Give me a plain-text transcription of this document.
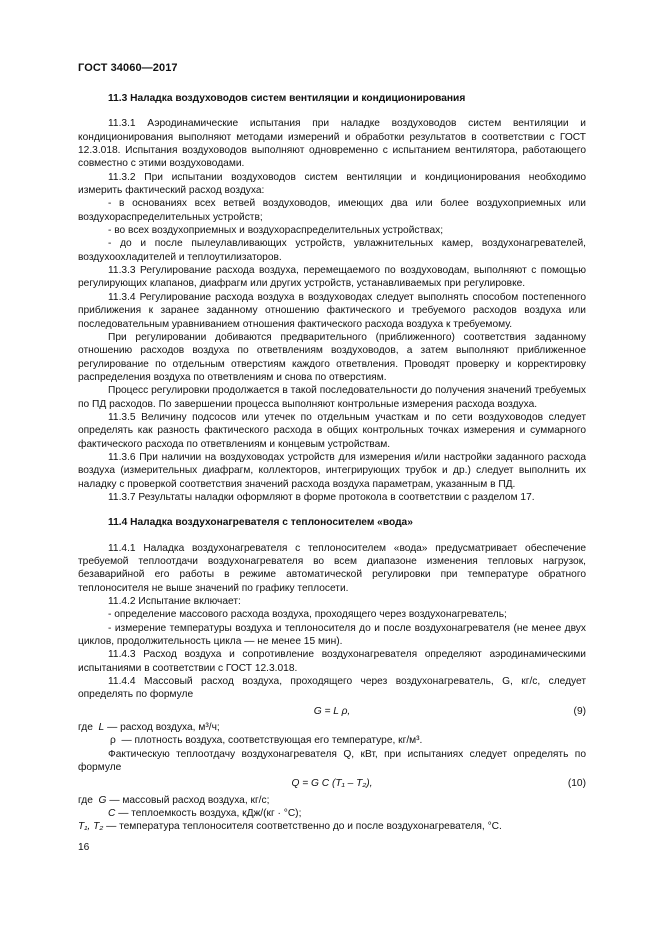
ГОСТ 34060—2017
11.3 Наладка воздуховодов систем вентиляции и кондиционирования

11.3.1 Аэродинамические испытания при наладке воздуховодов систем вентиляции и кондиционирования выполняют методами измерений и обработки результатов в соответствии с ГОСТ 12.3.018. Испытания воздуховодов выполняют одновременно с испытанием вентилятора, работающего совместно с этими воздуховодами.

11.3.2 При испытании воздуховодов систем вентиляции и кондиционирования необходимо измерить фактический расход воздуха:

- в основаниях всех ветвей воздуховодов, имеющих два или более воздухоприемных или воздухораспределительных устройств;

- во всех воздухоприемных и воздухораспределительных устройствах;

- до и после пылеулавливающих устройств, увлажнительных камер, воздухонагревателей, воздухоохладителей и теплоутилизаторов.

11.3.3 Регулирование расхода воздуха, перемещаемого по воздуховодам, выполняют с помощью регулирующих клапанов, диафрагм или других устройств, устанавливаемых при регулировке.

11.3.4 Регулирование расхода воздуха в воздуховодах следует выполнять способом постепенного приближения к заранее заданному отношению фактического и требуемого расходов воздуха или последовательным уравниванием отношения фактического расхода воздуха к требуемому.

При регулировании добиваются предварительного (приближенного) соответствия заданному отношению расходов воздуха по ответвлениям воздуховодов, а затем выполняют приближенное регулирование по отдельным отверстиям каждого ответвления. Проводят проверку и корректировку распределения воздуха по ответвлениям и снова по отверстиям.

Процесс регулировки продолжается в такой последовательности до получения значений требуемых по ПД расходов. По завершении процесса выполняют контрольные измерения расхода воздуха.

11.3.5 Величину подсосов или утечек по отдельным участкам и по сети воздуховодов следует определять как разность фактического расхода в общих контрольных точках измерения и суммарного фактического расхода по ответвлениям и концевым устройствам.

11.3.6 При наличии на воздуховодах устройств для измерения и/или настройки заданного расхода воздуха (измерительных диафрагм, коллекторов, интегрирующих трубок и др.) следует выполнить их наладку с проверкой соответствия значений расхода воздуха параметрам, указанным в ПД.

11.3.7 Результаты наладки оформляют в форме протокола в соответствии с разделом 17.

11.4 Наладка воздухонагревателя с теплоносителем «вода»

11.4.1 Наладка воздухонагревателя с теплоносителем «вода» предусматривает обеспечение требуемой теплоотдачи воздухонагревателя во всем диапазоне изменения тепловых нагрузок, безаварийной его работы в режиме автоматической регулировки при температуре обратного теплоносителя не выше значений по графику теплосети.

11.4.2 Испытание включает:

- определение массового расхода воздуха, проходящего через воздухонагреватель;

- измерение температуры воздуха и теплоносителя до и после воздухонагревателя (не менее двух циклов, продолжительность цикла — не менее 15 мин).

11.4.3 Расход воздуха и сопротивление воздухонагревателя определяют аэродинамическими испытаниями в соответствии с ГОСТ 12.3.018.

11.4.4 Массовый расход воздуха, проходящего через воздухонагреватель, G, кг/с, следует определять по формуле

G = L ρ,	(9)
где L — расход воздуха, м³/ч;
ρ — плотность воздуха, соответствующая его температуре, кг/м³.

Фактическую теплоотдачу воздухонагревателя Q, кВт, при испытаниях следует определять по формуле

Q = G C (T₁ – T₂),	(10)
где G — массовый расход воздуха, кг/с;
C — теплоемкость воздуха, кДж/(кг · °С);
T₁, T₂ — температура теплоносителя соответственно до и после воздухонагревателя, °С.
16
